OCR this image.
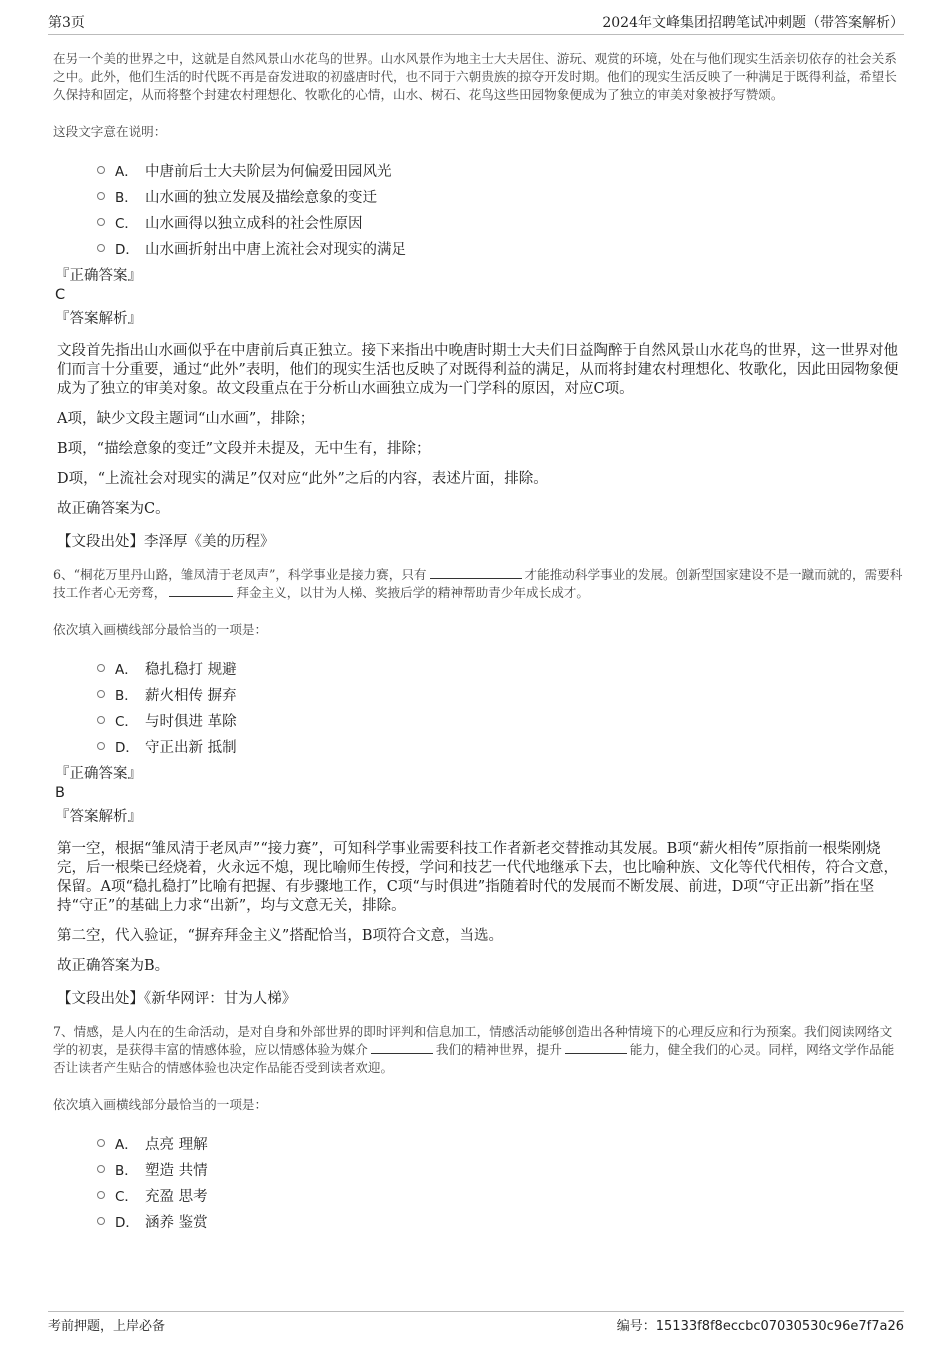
第3页	2024年文峰集团招聘笔试冲刺题（带答案解析）

在另一个美的世界之中，这就是自然风景山水花鸟的世界。山水风景作为地主士大夫居住、游玩、观赏的环境，处在与他们现实生活亲切依存的社会关系之中。此外，他们生活的时代既不再是奋发进取的初盛唐时代，也不同于六朝贵族的掠夺开发时期。他们的现实生活反映了一种满足于既得利益，希望长久保持和固定，从而将整个封建农村理想化、牧歌化的心情，山水、树石、花鸟这些田园物象便成为了独立的审美对象被抒写赞颂。

这段文字意在说明：

A． 中唐前后士大夫阶层为何偏爱田园风光
B． 山水画的独立发展及描绘意象的变迁
C． 山水画得以独立成科的社会性原因
D． 山水画折射出中唐上流社会对现实的满足
『正确答案』
C
『答案解析』

文段首先指出山水画似乎在中唐前后真正独立。接下来指出中晚唐时期士大夫们日益陶醉于自然风景山水花鸟的世界，这一世界对他们而言十分重要，通过“此外”表明，他们的现实生活也反映了对既得利益的满足，从而将封建农村理想化、牧歌化，因此田园物象便成为了独立的审美对象。故文段重点在于分析山水画独立成为一门学科的原因，对应C项。

A项，缺少文段主题词“山水画”，排除；

B项，“描绘意象的变迁”文段并未提及，无中生有，排除；

D项，“上流社会对现实的满足”仅对应“此外”之后的内容，表述片面，排除。

故正确答案为C。

【文段出处】李泽厚《美的历程》

6、“桐花万里丹山路，雏凤清于老凤声”，科学事业是接力赛，只有	才能推动科学事业的发展。创新型国家建设不是一蹴而就的，需要科技工作者心无旁骛，	拜金主义，以甘为人梯、奖掖后学的精神帮助青少年成长成才。

依次填入画横线部分最恰当的一项是：

A． 稳扎稳打 规避
B． 薪火相传 摒弃
C． 与时俱进 革除
D． 守正出新 抵制
『正确答案』
B
『答案解析』

第一空，根据“雏凤清于老凤声”“接力赛”，可知科学事业需要科技工作者新老交替推动其发展。B项“薪火相传”原指前一根柴刚烧完，后一根柴已经烧着，火永远不熄，现比喻师生传授，学问和技艺一代代地继承下去，也比喻种族、文化等代代相传，符合文意，保留。A项“稳扎稳打”比喻有把握、有步骤地工作，C项“与时俱进”指随着时代的发展而不断发展、前进，D项“守正出新”指在坚持“守正”的基础上力求“出新”，均与文意无关，排除。

第二空，代入验证，“摒弃拜金主义”搭配恰当，B项符合文意，当选。

故正确答案为B。

【文段出处】《新华网评：甘为人梯》

7、情感，是人内在的生命活动，是对自身和外部世界的即时评判和信息加工，情感活动能够创造出各种情境下的心理反应和行为预案。我们阅读网络文学的初衷，是获得丰富的情感体验，应以情感体验为媒介	我们的精神世界，提升	能力，健全我们的心灵。同样，网络文学作品能否让读者产生贴合的情感体验也决定作品能否受到读者欢迎。

依次填入画横线部分最恰当的一项是：

A． 点亮 理解
B． 塑造 共情
C． 充盈 思考
D． 涵养 鉴赏
考前押题，上岸必备	编号：15133f8f8eccbc07030530c96e7f7a26
